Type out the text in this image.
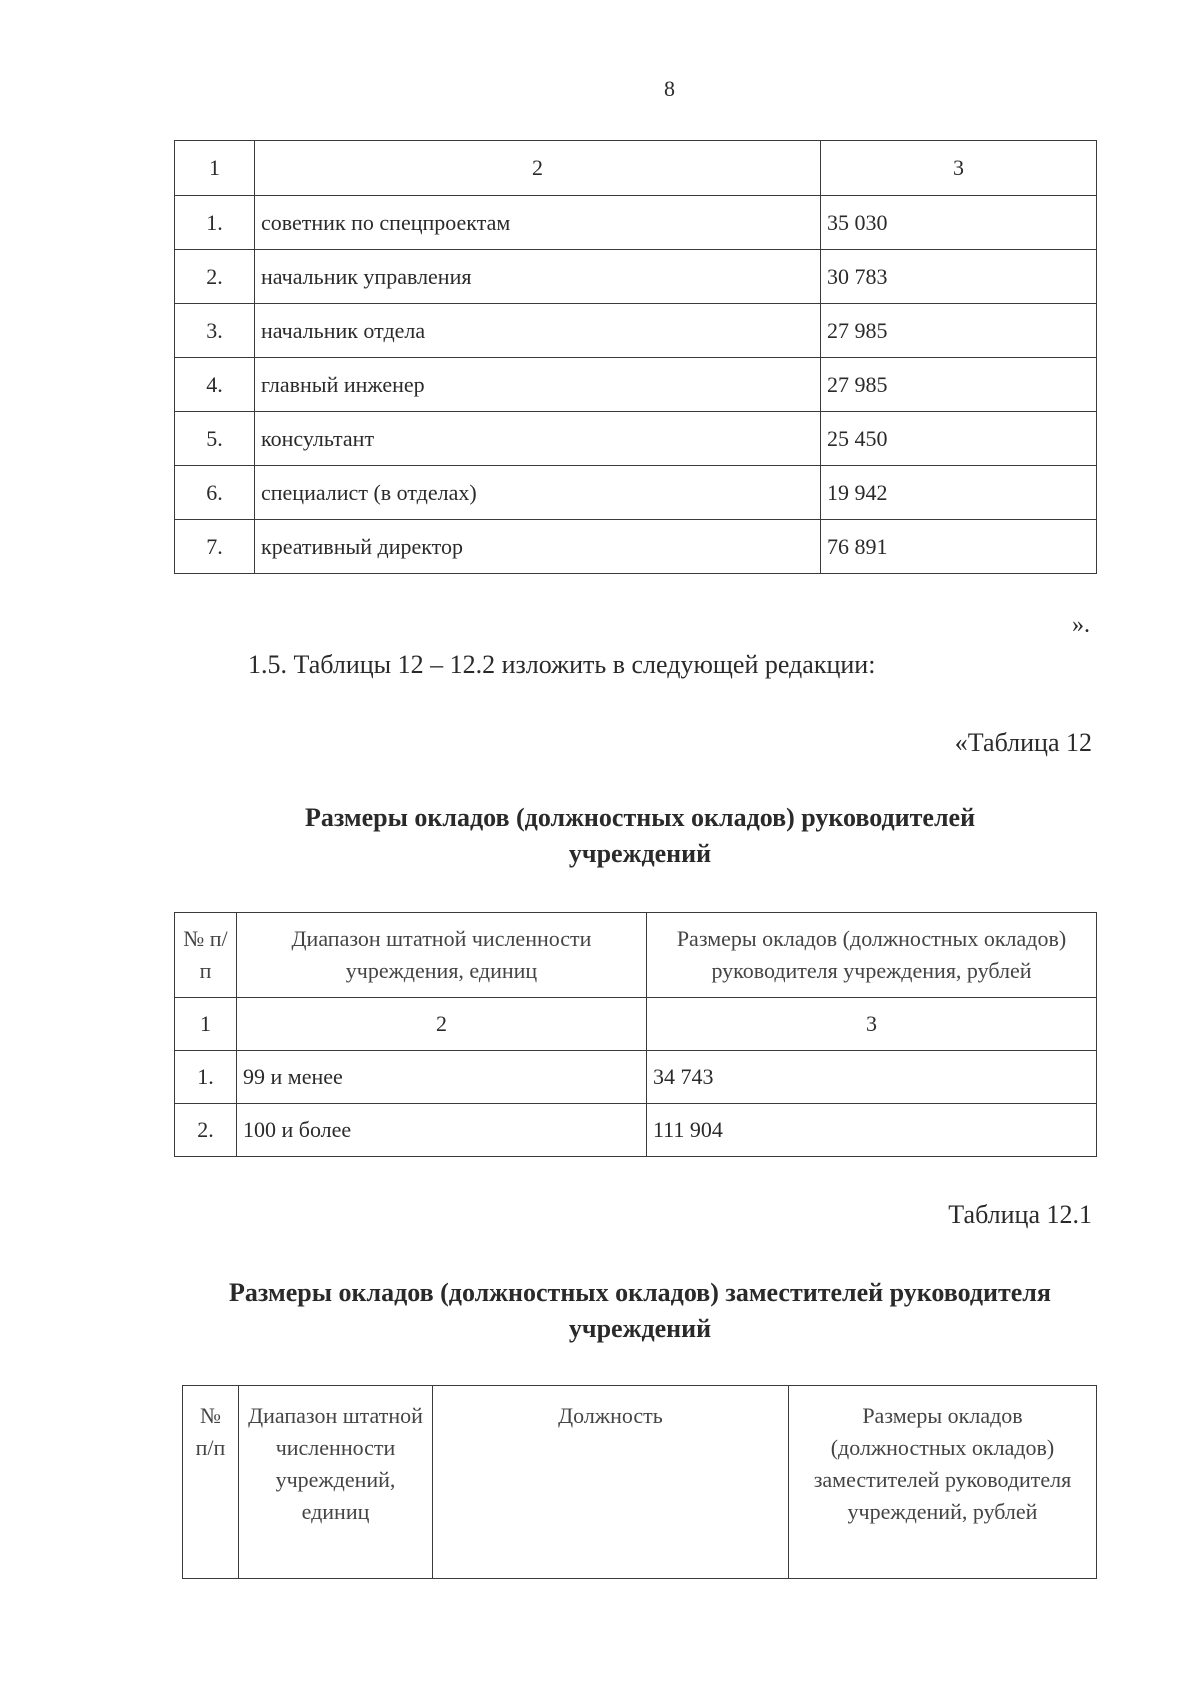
8
1	2	3
1.	советник по спецпроектам	35 030
2.	начальник управления	30 783
3.	начальник отдела	27 985
4.	главный инженер	27 985
5.	консультант	25 450
6.	специалист (в отделах)	19 942
7.	креативный директор	76 891
».
1.5. Таблицы 12 – 12.2 изложить в следующей редакции:
«Таблица 12
Размеры окладов (должностных окладов) руководителей
учреждений
№ п/п	Диапазон штатной численности учреждения, единиц	Размеры окладов (должностных окладов) руководителя учреждения, рублей
1	2	3
1.	99 и менее	34 743
2.	100 и более	111 904
Таблица 12.1
Размеры окладов (должностных окладов) заместителей руководителя
учреждений
№ п/п	Диапазон штатной численности учреждений, единиц	Должность	Размеры окладов (должностных окладов) заместителей руководителя учреждений, рублей
